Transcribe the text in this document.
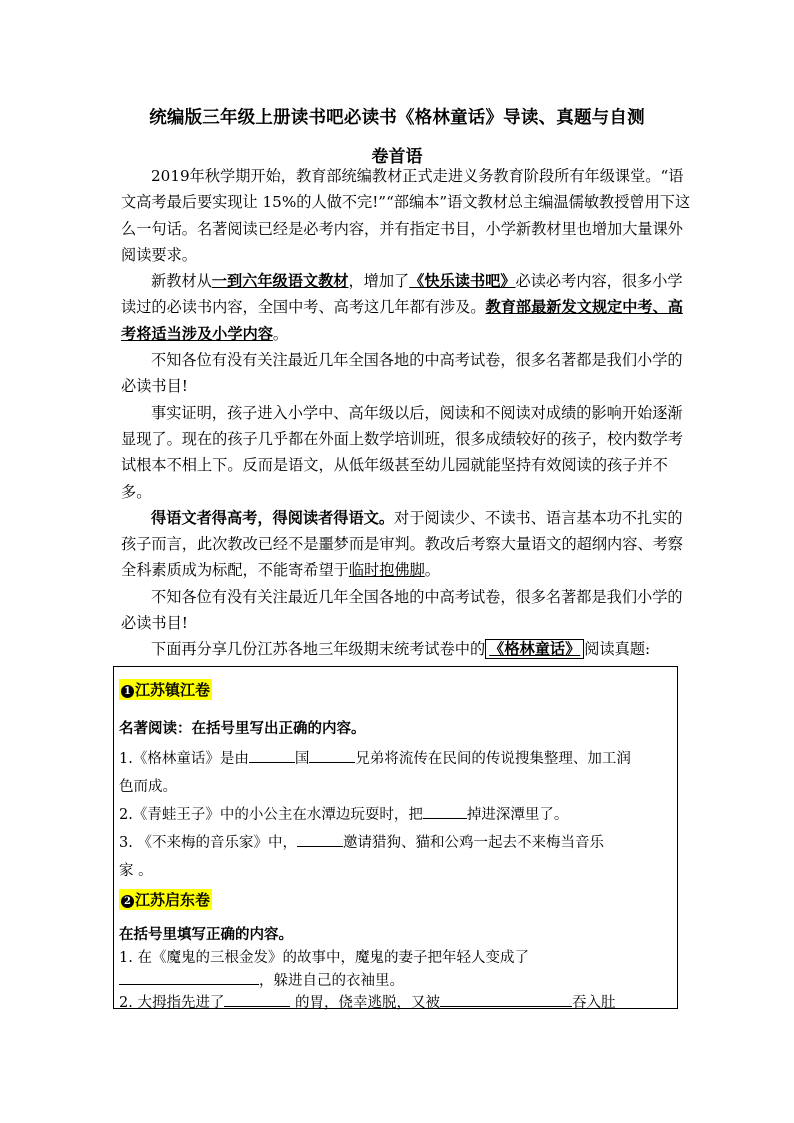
统编版三年级上册读书吧必读书《格林童话》导读、真题与自测
卷首语

2019年秋学期开始，教育部统编教材正式走进义务教育阶段所有年级课堂。“语文高考最后要实现让 15%的人做不完!”“部编本”语文教材总主编温儒敏教授曾用下这么一句话。名著阅读已经是必考内容，并有指定书目，小学新教材里也增加大量课外阅读要求。

新教材从一到六年级语文教材，增加了《快乐读书吧》必读必考内容，很多小学读过的必读书内容，全国中考、高考这几年都有涉及。教育部最新发文规定中考、高考将适当涉及小学内容。

不知各位有没有关注最近几年全国各地的中高考试卷，很多名著都是我们小学的必读书目!

事实证明，孩子进入小学中、高年级以后，阅读和不阅读对成绩的影响开始逐渐显现了。现在的孩子几乎都在外面上数学培训班，很多成绩较好的孩子，校内数学考试根本不相上下。反而是语文，从低年级甚至幼儿园就能坚持有效阅读的孩子并不多。

得语文者得高考，得阅读者得语文。对于阅读少、不读书、语言基本功不扎实的孩子而言，此次教改已经不是噩梦而是审判。教改后考察大量语文的超纲内容、考察全科素质成为标配，不能寄希望于临时抱佛脚。

不知各位有没有关注最近几年全国各地的中高考试卷，很多名著都是我们小学的必读书目!

下面再分享几份江苏各地三年级期末统考试卷中的 《格林童话》 阅读真题:

1 江苏镇江卷
名著阅读：在括号里写出正确的内容。
1.《格林童话》是由	国	兄弟将流传在民间的传说搜集整理、加工润
色而成。
2.《青蛙王子》中的小公主在水潭边玩耍时，把	掉进深潭里了。
3. 《不来梅的音乐家》中，	邀请猎狗、猫和公鸡一起去不来梅当音乐
家 。
2 江苏启东卷
在括号里填写正确的内容。
1. 在《魔鬼的三根金发》的故事中，魔鬼的妻子把年轻人变成了
，躲进自己的衣袖里。
2. 大拇指先进了	的胃，侥幸逃脱，又被	吞入肚
